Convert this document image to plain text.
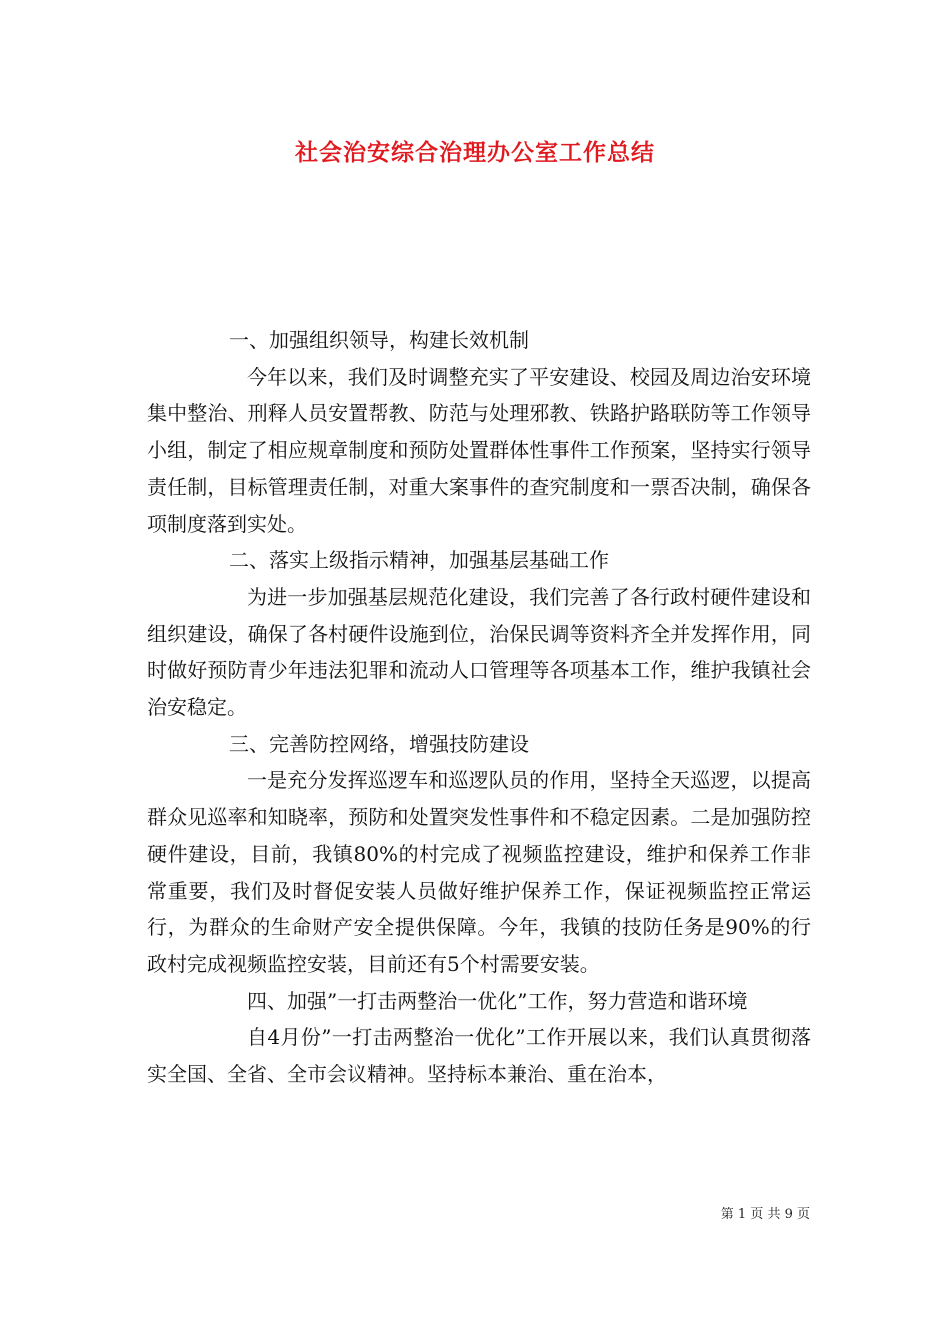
社会治安综合治理办公室工作总结

一、加强组织领导，构建长效机制

今年以来，我们及时调整充实了平安建设、校园及周边治安环境集中整治、刑释人员安置帮教、防范与处理邪教、铁路护路联防等工作领导小组，制定了相应规章制度和预防处置群体性事件工作预案，坚持实行领导责任制，目标管理责任制，对重大案事件的查究制度和一票否决制，确保各项制度落到实处。

二、落实上级指示精神，加强基层基础工作

为进一步加强基层规范化建设，我们完善了各行政村硬件建设和组织建设，确保了各村硬件设施到位，治保民调等资料齐全并发挥作用，同时做好预防青少年违法犯罪和流动人口管理等各项基本工作，维护我镇社会治安稳定。

三、完善防控网络，增强技防建设

一是充分发挥巡逻车和巡逻队员的作用，坚持全天巡逻，以提高群众见巡率和知晓率，预防和处置突发性事件和不稳定因素。二是加强防控硬件建设，目前，我镇80%的村完成了视频监控建设，维护和保养工作非常重要，我们及时督促安装人员做好维护保养工作，保证视频监控正常运行，为群众的生命财产安全提供保障。今年，我镇的技防任务是90%的行政村完成视频监控安装，目前还有5个村需要安装。

四、加强”一打击两整治一优化”工作，努力营造和谐环境

自4月份”一打击两整治一优化”工作开展以来，我们认真贯彻落实全国、全省、全市会议精神。坚持标本兼治、重在治本，

第 1 页 共 9 页
